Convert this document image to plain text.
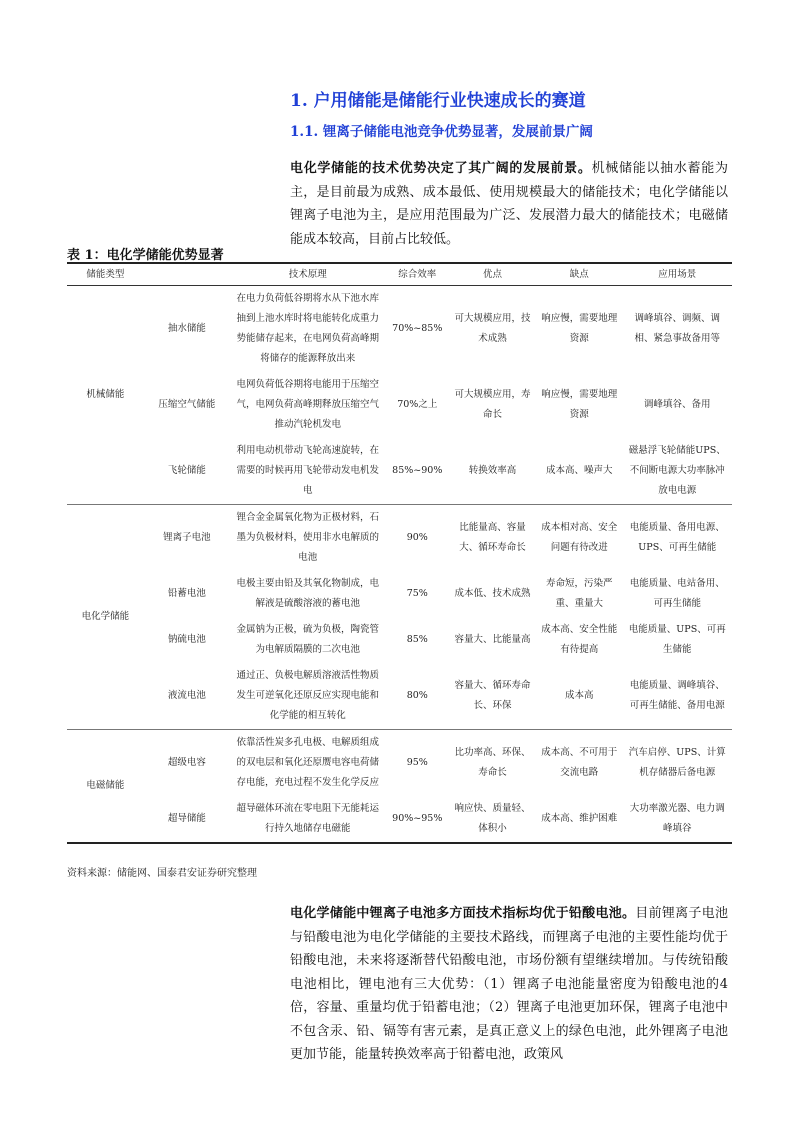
1. 户用储能是储能行业快速成长的赛道
1.1. 锂离子储能电池竞争优势显著，发展前景广阔
电化学储能的技术优势决定了其广阔的发展前景。机械储能以抽水蓄能为主，是目前最为成熟、成本最低、使用规模最大的储能技术；电化学储能以锂离子电池为主，是应用范围最为广泛、发展潜力最大的储能技术；电磁储能成本较高，目前占比较低。
表 1：电化学储能优势显著
储能类型		技术原理	综合效率	优点	缺点	应用场景
机械储能	抽水储能	在电力负荷低谷期将水从下池水库抽到上池水库时将电能转化成重力势能储存起来，在电网负荷高峰期将储存的能源释放出来	70%~85%	可大规模应用，技术成熟	响应慢，需要地理资源	调峰填谷、调频、调相、紧急事故备用等
	压缩空气储能	电网负荷低谷期将电能用于压缩空气，电网负荷高峰期释放压缩空气推动汽轮机发电	70%之上	可大规模应用，寿命长	响应慢，需要地理资源	调峰填谷、备用
	飞轮储能	利用电动机带动飞轮高速旋转，在需要的时候再用飞轮带动发电机发电	85%~90%	转换效率高	成本高、噪声大	磁悬浮飞轮储能UPS、不间断电源大功率脉冲放电电源
电化学储能	锂离子电池	锂合金金属氧化物为正极材料，石墨为负极材料，使用非水电解质的电池	90%	比能量高、容量大、循环寿命长	成本相对高、安全问题有待改进	电能质量、备用电源、UPS、可再生储能
	铅蓄电池	电极主要由铅及其氧化物制成，电解液是硫酸溶液的蓄电池	75%	成本低、技术成熟	寿命短，污染严重、重量大	电能质量、电站备用、可再生储能
	钠硫电池	金属钠为正极，硫为负极，陶瓷管为电解质隔膜的二次电池	85%	容量大、比能量高	成本高、安全性能有待提高	电能质量、UPS、可再生储能
	液流电池	通过正、负极电解质溶液活性物质发生可逆氧化还原反应实现电能和化学能的相互转化	80%	容量大、循环寿命长、环保	成本高	电能质量、调峰填谷、可再生储能、备用电源
电磁储能	超级电容	依靠活性炭多孔电极、电解质组成的双电层和氧化还原赝电容电荷储存电能，充电过程不发生化学反应	95%	比功率高、环保、寿命长	成本高、不可用于交流电路	汽车启停、UPS、计算机存储器后备电源
	超导储能	超导磁体环流在零电阻下无能耗运行持久地储存电磁能	90%~95%	响应快、质量轻、体积小	成本高、维护困难	大功率激光器、电力调峰填谷
资料来源：储能网、国泰君安证券研究整理
电化学储能中锂离子电池多方面技术指标均优于铅酸电池。目前锂离子电池与铅酸电池为电化学储能的主要技术路线，而锂离子电池的主要性能均优于铅酸电池，未来将逐渐替代铅酸电池，市场份额有望继续增加。与传统铅酸电池相比，锂电池有三大优势：（1）锂离子电池能量密度为铅酸电池的4倍，容量、重量均优于铅蓄电池；（2）锂离子电池更加环保，锂离子电池中不包含汞、铅、镉等有害元素，是真正意义上的绿色电池，此外锂离子电池更加节能，能量转换效率高于铅蓄电池，政策风
